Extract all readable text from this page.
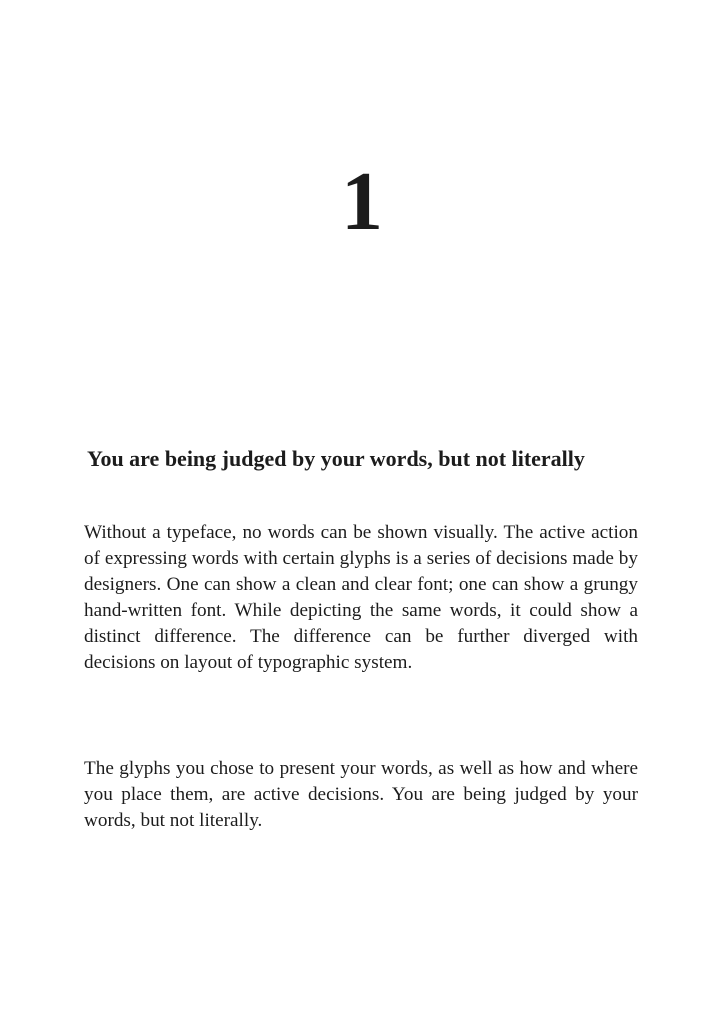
1
You are being judged by your words, but not literally

Without a typeface, no words can be shown visually. The active action of expressing words with certain glyphs is a series of decisions made by designers. One can show a clean and clear font; one can show a grungy hand-written font. While depicting the same words, it could show a distinct difference. The difference can be further diverged with decisions on layout of typographic system.

The glyphs you chose to present your words, as well as how and where you place them, are active decisions. You are being judged by your words, but not literally.
